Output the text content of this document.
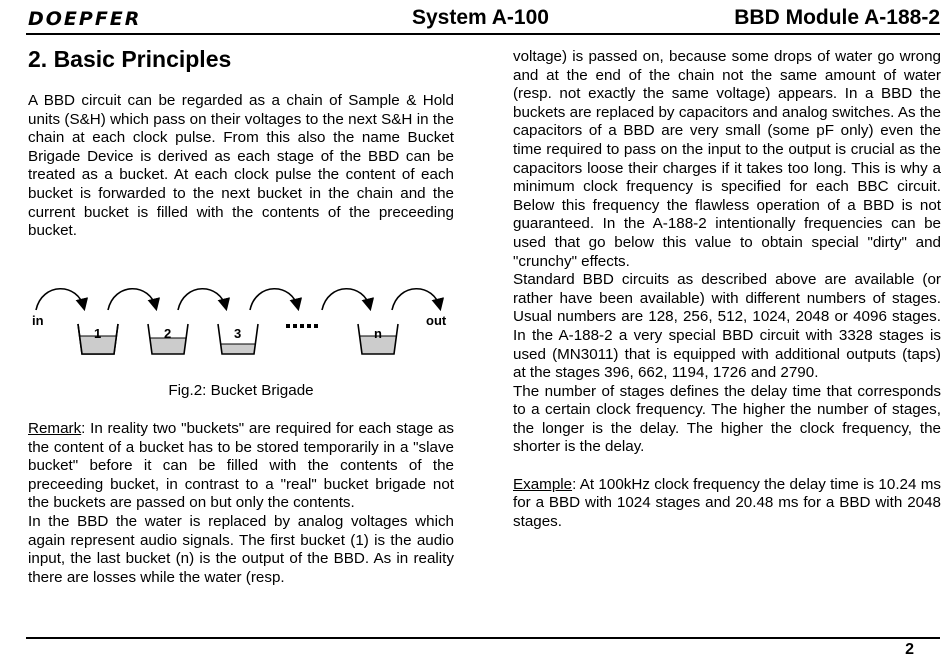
DOEPFER	System A-100	BBD Module A-188-2
2. Basic Principles

A BBD circuit can be regarded as a chain of Sample & Hold units (S&H) which pass on their voltages to the next S&H in the chain at each clock pulse. From this also the name Bucket Brigade Device is derived as each stage of the BBD can be treated as a bucket. At each clock pulse the content of each bucket is forwarded to the next bucket in the chain and the current bucket is filled with the contents of the preceeding bucket.

in	out
1	2	3	n
Fig.2: Bucket Brigade

Remark: In reality two "buckets" are required for each stage as the content of a bucket has to be stored temporarily in a "slave bucket" before it can be filled with the contents of the preceeding bucket, in contrast to a "real" bucket brigade not the buckets are passed on but only the contents.

In the BBD the water is replaced by analog voltages which again represent audio signals. The first bucket (1) is the audio input, the last bucket (n) is the output of the BBD. As in reality there are losses while the water (resp.

voltage) is passed on, because some drops of water go wrong and at the end of the chain not the same amount of water (resp. not exactly the same voltage) appears. In a BBD the buckets are replaced by capacitors and analog switches. As the capacitors of a BBD are very small (some pF only) even the time required to pass on the input to the output is crucial as the capacitors loose their charges if it takes too long. This is why a minimum clock frequency is specified for each BBC circuit. Below this frequency the flawless operation of a BBD is not guaranteed. In the A-188-2 intentionally frequencies can be used that go below this value to obtain special "dirty" and "crunchy" effects.

Standard BBD circuits as described above are available (or rather have been available) with different numbers of stages. Usual numbers are 128, 256, 512, 1024, 2048 or 4096 stages. In the A-188-2 a very special BBD circuit with 3328 stages is used (MN3011) that is equipped with additional outputs (taps) at the stages 396, 662, 1194, 1726 and 2790.

The number of stages defines the delay time that corresponds to a certain clock frequency. The higher the number of stages, the longer is the delay. The higher the clock frequency, the shorter is the delay.

Example: At 100kHz clock frequency the delay time is 10.24 ms for a BBD with 1024 stages and 20.48 ms for a BBD with 2048 stages.

2
